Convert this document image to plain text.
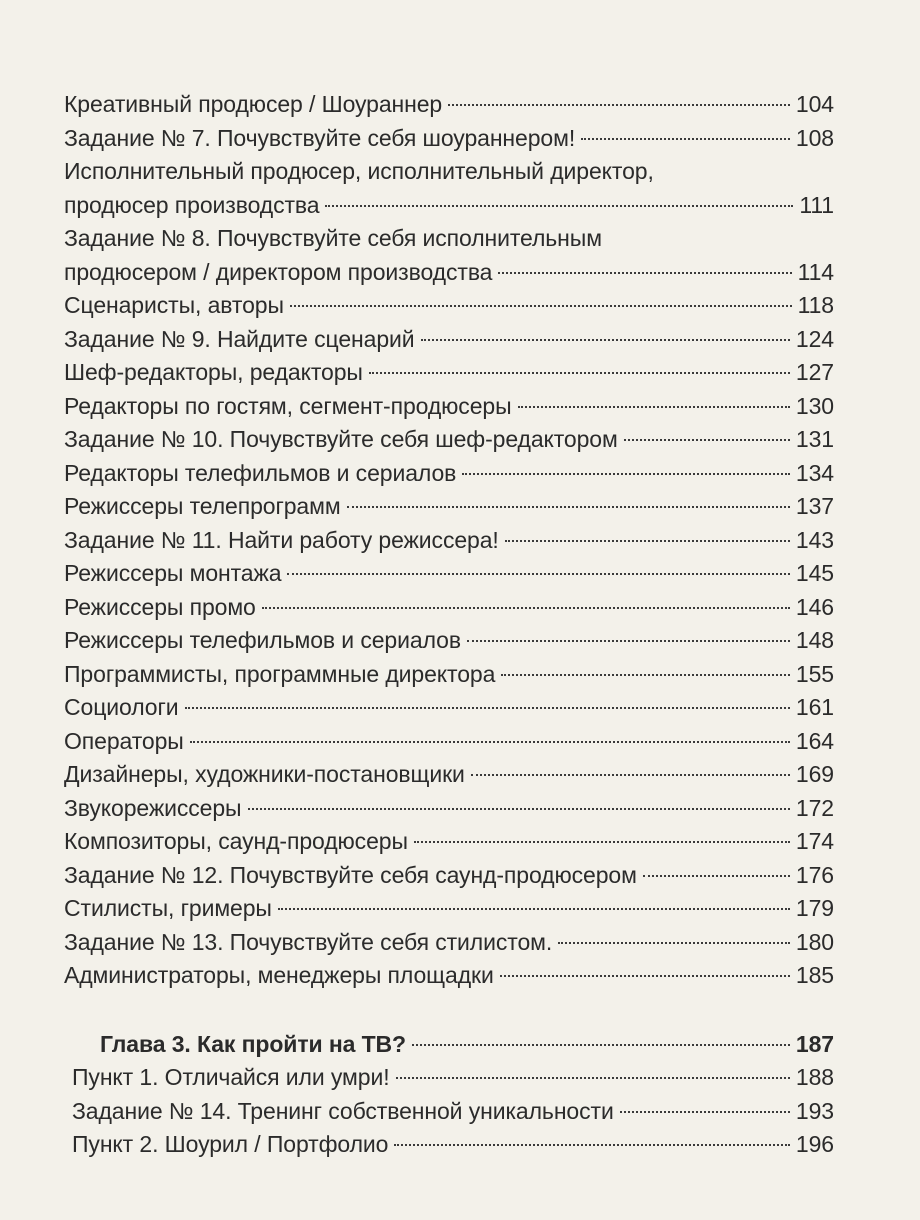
Креативный продюсер / Шоураннер	104
Задание № 7. Почувствуйте себя шоураннером!	108
Исполнительный продюсер, исполнительный директор,
продюсер производства	111
Задание № 8. Почувствуйте себя исполнительным
продюсером / директором производства	114
Сценаристы, авторы	118
Задание № 9. Найдите сценарий	124
Шеф-редакторы, редакторы	127
Редакторы по гостям, сегмент-продюсеры	130
Задание № 10. Почувствуйте себя шеф-редактором	131
Редакторы телефильмов и сериалов	134
Режиссеры телепрограмм	137
Задание № 11. Найти работу режиссера!	143
Режиссеры монтажа	145
Режиссеры промо	146
Режиссеры телефильмов и сериалов	148
Программисты, программные директора	155
Социологи	161
Операторы	164
Дизайнеры, художники-постановщики	169
Звукорежиссеры	172
Композиторы, саунд-продюсеры	174
Задание № 12. Почувствуйте себя саунд-продюсером	176
Стилисты, гримеры	179
Задание № 13. Почувствуйте себя стилистом.	180
Администраторы, менеджеры площадки	185
Глава 3. Как пройти на ТВ?	187
Пункт 1. Отличайся или умри!	188
Задание № 14. Тренинг собственной уникальности	193
Пункт 2. Шоурил / Портфолио	196
